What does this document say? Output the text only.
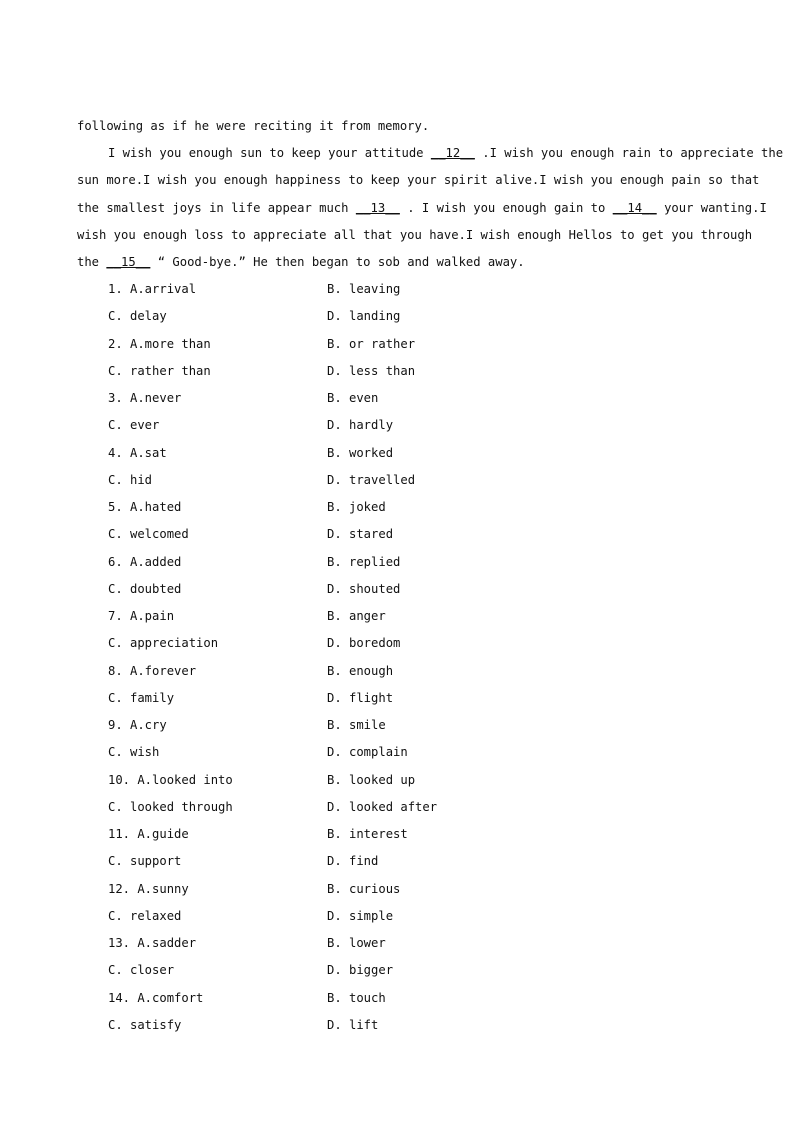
following as if he were reciting it from memory.
I wish you enough sun to keep your attitude __12__ .I wish you enough rain to appreciate the
sun more.I wish you enough happiness to keep your spirit alive.I wish you enough pain so that
the smallest joys in life appear much __13__ . I wish you enough gain to __14__ your wanting.I
wish you enough loss to appreciate all that you have.I wish enough Hellos to get you through
the __15__ “ Good-bye.” He then began to sob and walked away.
1. A.arrival	B. leaving
C. delay	D. landing
2. A.more than	B. or rather
C. rather than	D. less than
3. A.never	B. even
C. ever	D. hardly
4. A.sat	B. worked
C. hid	D. travelled
5. A.hated	B. joked
C. welcomed	D. stared
6. A.added	B. replied
C. doubted	D. shouted
7. A.pain	B. anger
C. appreciation	D. boredom
8. A.forever	B. enough
C. family	D. flight
9. A.cry	B. smile
C. wish	D. complain
10. A.looked into	B. looked up
C. looked through	D. looked after
11. A.guide	B. interest
C. support	D. find
12. A.sunny	B. curious
C. relaxed	D. simple
13. A.sadder	B. lower
C. closer	D. bigger
14. A.comfort	B. touch
C. satisfy	D. lift
